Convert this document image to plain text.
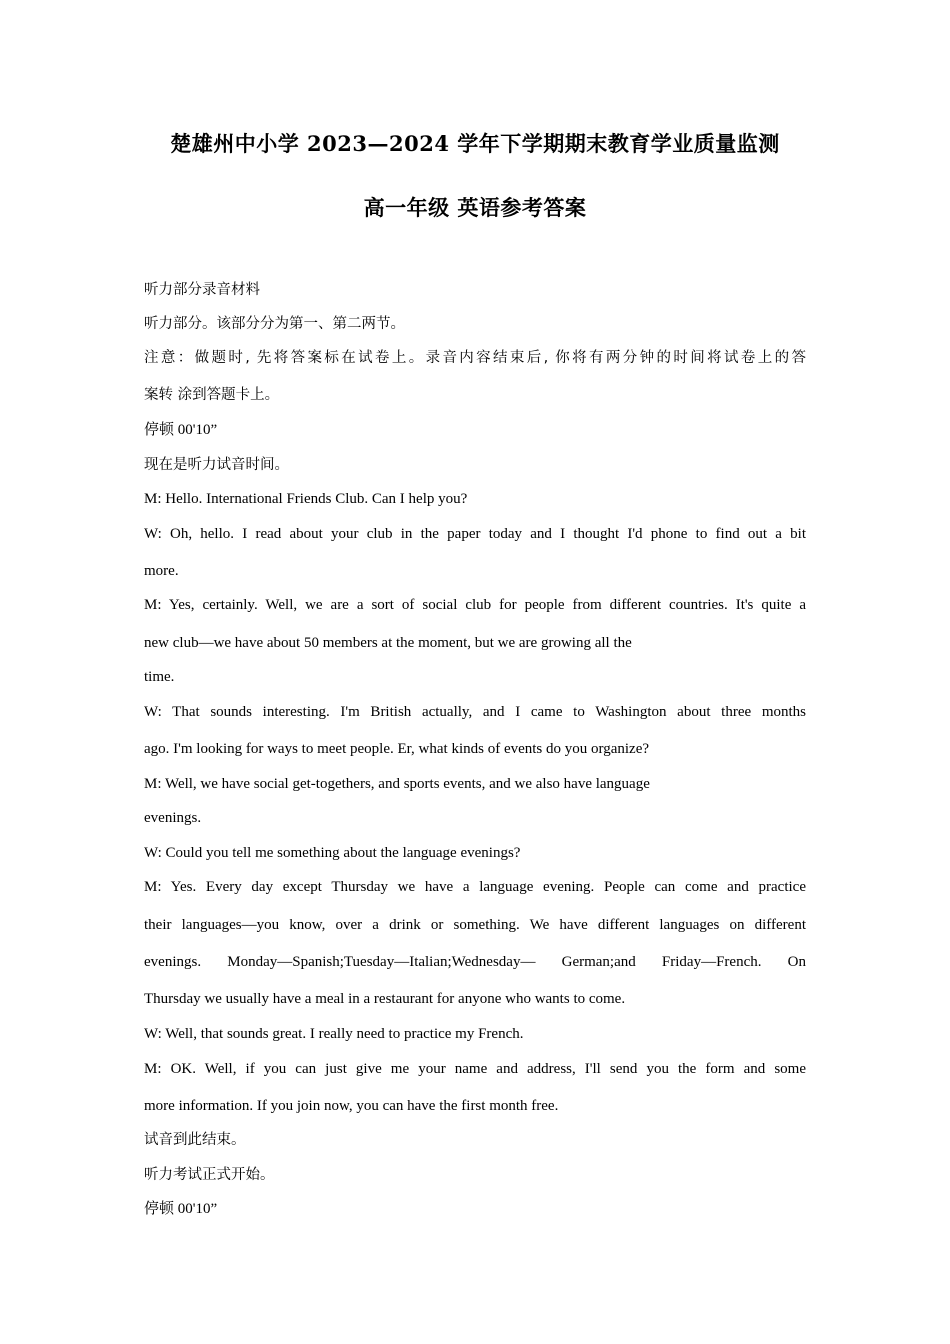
楚雄州中小学 2023—2024 学年下学期期末教育学业质量监测
高一年级 英语参考答案
听力部分录音材料
听力部分。该部分分为第一、第二两节。
注意：做题时, 先将答案标在试卷上。录音内容结束后, 你将有两分钟的时间将试卷上的答
案转 涂到答题卡上。
停顿 00'10”
现在是听力试音时间。
M: Hello. International Friends Club. Can I help you?
W: Oh, hello. I read about your club in the paper today and I thought I'd phone to find out a bit
more.
M: Yes, certainly. Well, we are a sort of social club for people from different countries. It's quite a
new club—we have about 50 members at the moment, but we are growing all the
time.
W: That sounds interesting. I'm British actually, and I came to Washington about three months
ago. I'm looking for ways to meet people. Er, what kinds of events do you organize?
M: Well, we have social get-togethers, and sports events, and we also have language
evenings.
W: Could you tell me something about the language evenings?
M: Yes. Every day except Thursday we have a language evening. People can come and practice
their languages—you know, over a drink or something. We have different languages on different
evenings. Monday—Spanish;Tuesday—Italian;Wednesday— German;and Friday—French. On
Thursday we usually have a meal in a restaurant for anyone who wants to come.
W: Well, that sounds great. I really need to practice my French.
M: OK. Well, if you can just give me your name and address, I'll send you the form and some
more information. If you join now, you can have the first month free.
试音到此结束。
听力考试正式开始。
停顿 00'10”
